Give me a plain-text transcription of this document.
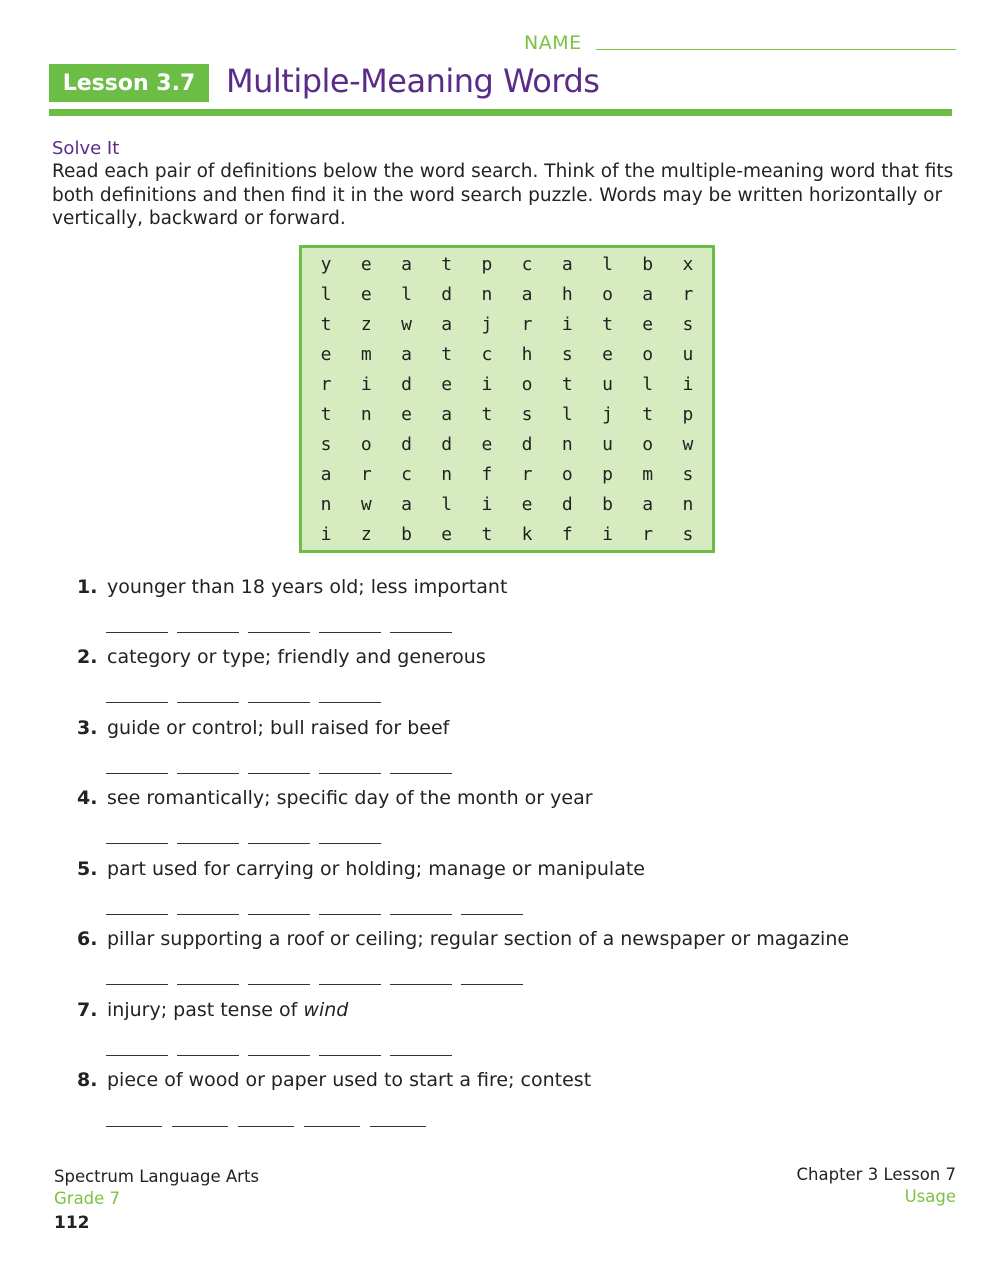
NAME
Lesson 3.7 Multiple-Meaning Words
Solve It
Read each pair of definitions below the word search. Think of the multiple-meaning word that fits both definitions and then find it in the word search puzzle. Words may be written horizontally or vertically, backward or forward.
y	e	a	t	p	c	a	l	b	x
l	e	l	d	n	a	h	o	a	r
t	z	w	a	j	r	i	t	e	s
e	m	a	t	c	h	s	e	o	u
r	i	d	e	i	o	t	u	l	i
t	n	e	a	t	s	l	j	t	p
s	o	d	d	e	d	n	u	o	w
a	r	c	n	f	r	o	p	m	s
n	w	a	l	i	e	d	b	a	n
i	z	b	e	t	k	f	i	r	s
1. younger than 18 years old; less important
2. category or type; friendly and generous
3. guide or control; bull raised for beef
4. see romantically; specific day of the month or year
5. part used for carrying or holding; manage or manipulate
6. pillar supporting a roof or ceiling; regular section of a newspaper or magazine
7. injury; past tense of wind
8. piece of wood or paper used to start a fire; contest
Spectrum Language Arts
Grade 7
112
Chapter 3 Lesson 7
Usage
